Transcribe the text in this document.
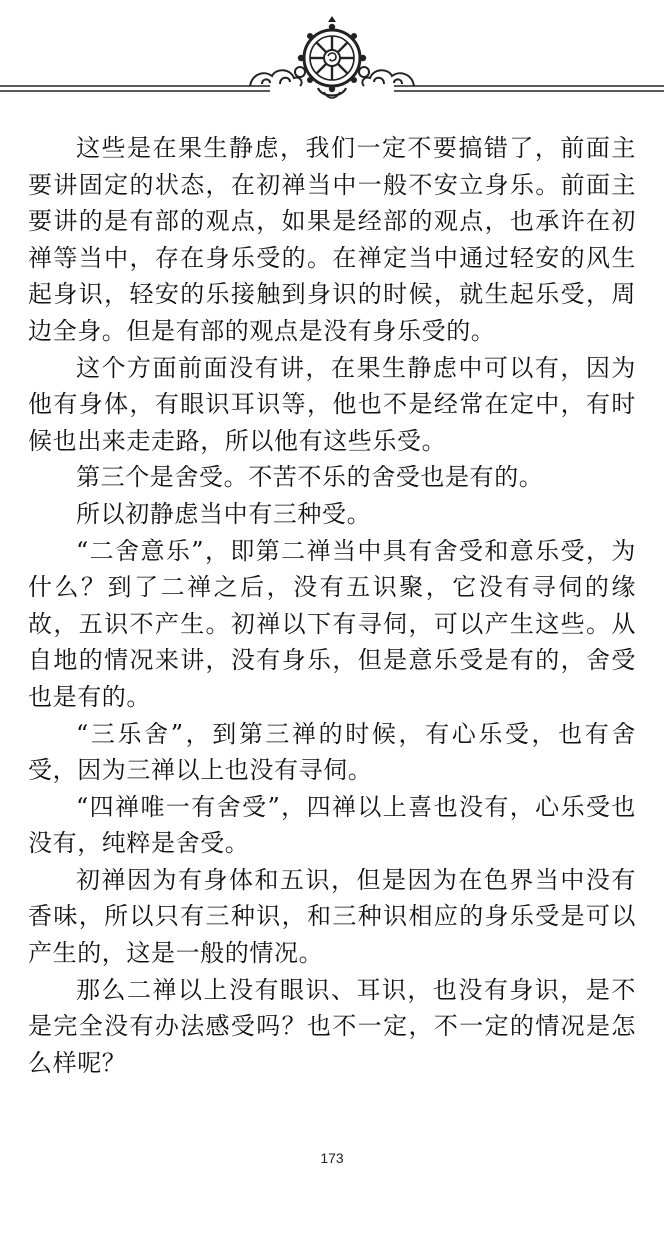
这些是在果生静虑，我们一定不要搞错了，前面主要讲固定的状态，在初禅当中一般不安立身乐。前面主要讲的是有部的观点，如果是经部的观点，也承许在初禅等当中，存在身乐受的。在禅定当中通过轻安的风生起身识，轻安的乐接触到身识的时候，就生起乐受，周边全身。但是有部的观点是没有身乐受的。

这个方面前面没有讲，在果生静虑中可以有，因为他有身体，有眼识耳识等，他也不是经常在定中，有时候也出来走走路，所以他有这些乐受。

第三个是舍受。不苦不乐的舍受也是有的。

所以初静虑当中有三种受。

“二舍意乐”，即第二禅当中具有舍受和意乐受，为什么？到了二禅之后，没有五识聚，它没有寻伺的缘故，五识不产生。初禅以下有寻伺，可以产生这些。从自地的情况来讲，没有身乐，但是意乐受是有的，舍受也是有的。

“三乐舍”，到第三禅的时候，有心乐受，也有舍受，因为三禅以上也没有寻伺。

“四禅唯一有舍受”，四禅以上喜也没有，心乐受也没有，纯粹是舍受。

初禅因为有身体和五识，但是因为在色界当中没有香味，所以只有三种识，和三种识相应的身乐受是可以产生的，这是一般的情况。

那么二禅以上没有眼识、耳识，也没有身识，是不是完全没有办法感受吗？也不一定，不一定的情况是怎么样呢？

173
